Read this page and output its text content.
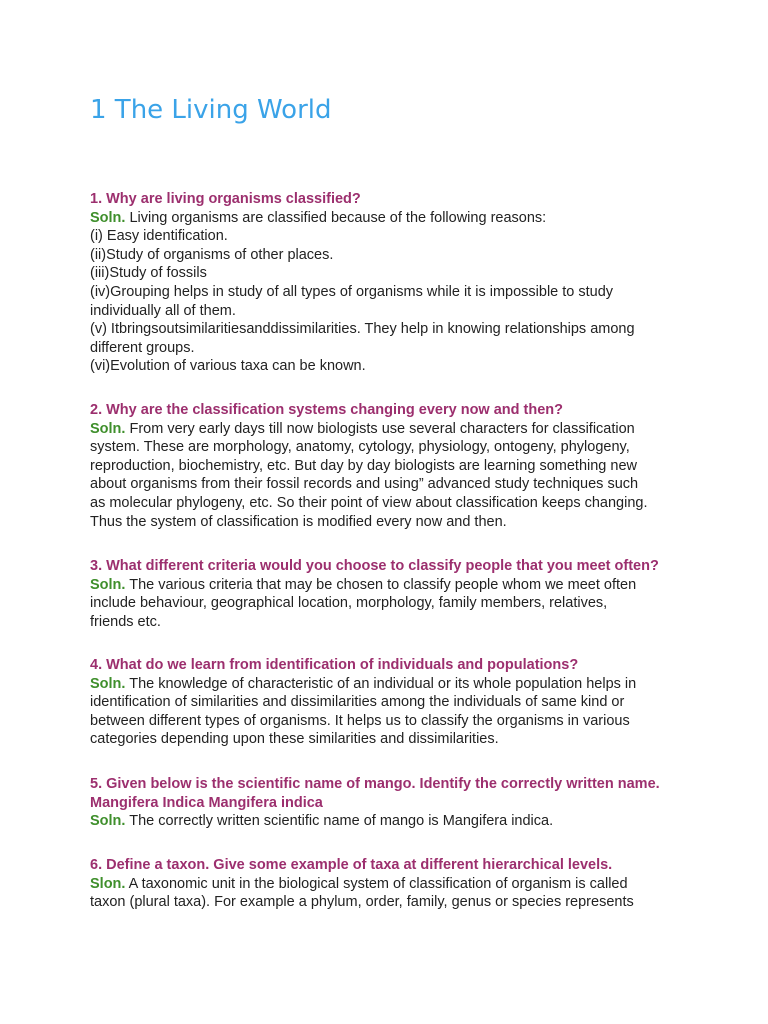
1 The Living World

1. Why are living organisms classified?

Soln. Living organisms are classified because of the following reasons:

(i) Easy identification.

(ii)Study of organisms of other places.

(iii)Study of fossils

(iv)Grouping helps in study of all types of organisms while it is impossible to study

individually all of them.

(v) Itbringsoutsimilaritiesanddissimilarities. They help in knowing relationships among

different groups.

(vi)Evolution of various taxa can be known.

2. Why are the classification systems changing every now and then?

Soln. From very early days till now biologists use several characters for classification

system. These are morphology, anatomy, cytology, physiology, ontogeny, phylogeny,

reproduction, biochemistry, etc. But day by day biologists are learning something new

about organisms from their fossil records and using” advanced study techniques such

as molecular phylogeny, etc. So their point of view about classification keeps changing.

Thus the system of classification is modified every now and then.

3. What different criteria would you choose to classify people that you meet often?

Soln. The various criteria that may be chosen to classify people whom we meet often

include behaviour, geographical location, morphology, family members, relatives,

friends etc.

4. What do we learn from identification of individuals and populations?

Soln. The knowledge of characteristic of an individual or its whole population helps in

identification of similarities and dissimilarities among the individuals of same kind or

between different types of organisms. It helps us to classify the organisms in various

categories depending upon these similarities and dissimilarities.

5. Given below is the scientific name of mango. Identify the correctly written name.

Mangifera Indica Mangifera indica

Soln. The correctly written scientific name of mango is Mangifera indica.

6. Define a taxon. Give some example of taxa at different hierarchical levels.

Slon. A taxonomic unit in the biological system of classification of organism is called

taxon (plural taxa). For example a phylum, order, family, genus or species represents
